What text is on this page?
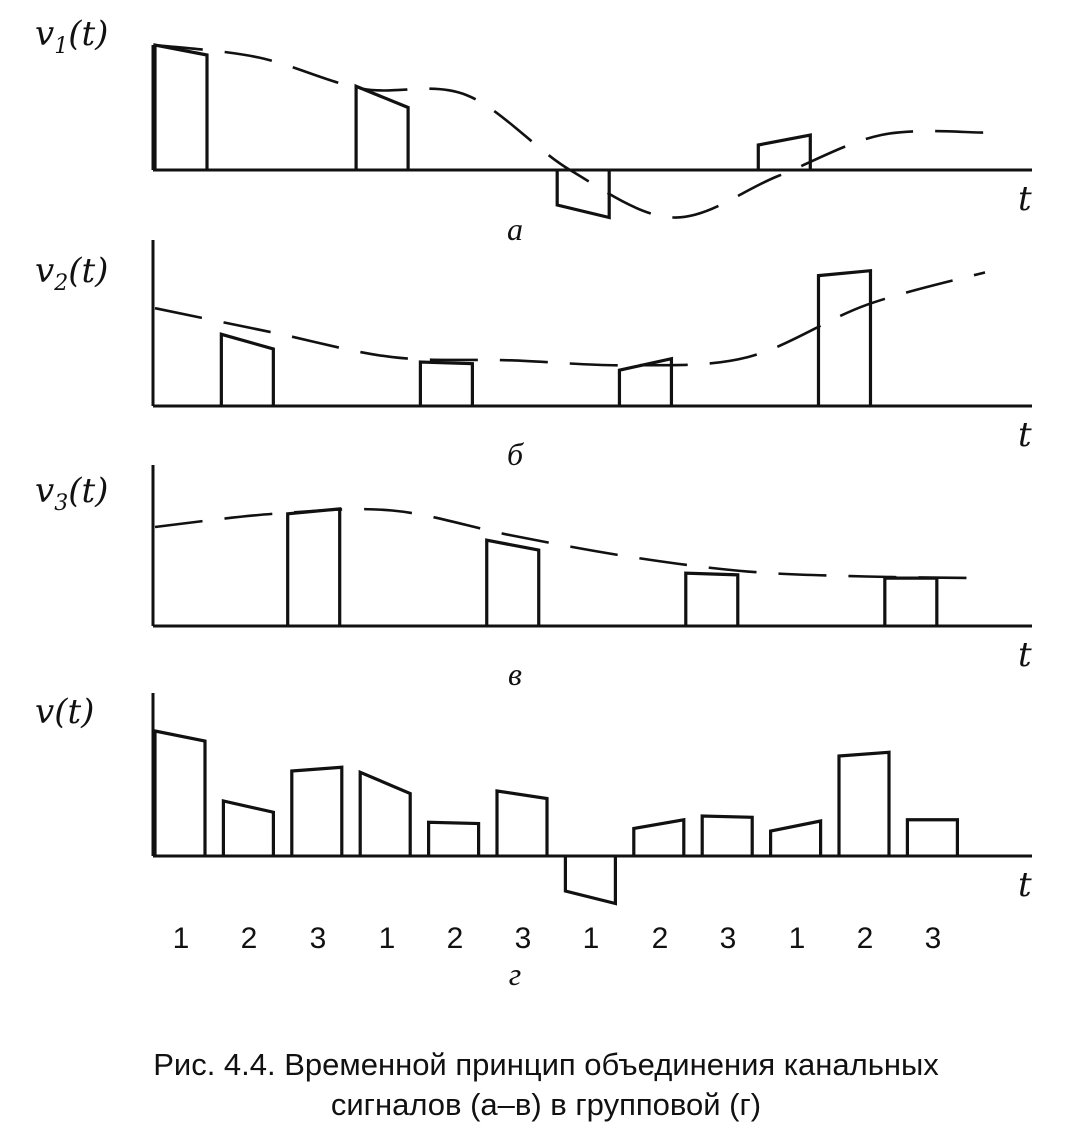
$v_1(t)$
t
а
$v_2(t)$
t
б
$v_3(t)$
t
в
v(t)
t
г
1 2 3 1 2 3 1 2 3 1 2 3
Рис. 4.4. Временной принцип объединения канальных
сигналов (а–в) в групповой (г)
